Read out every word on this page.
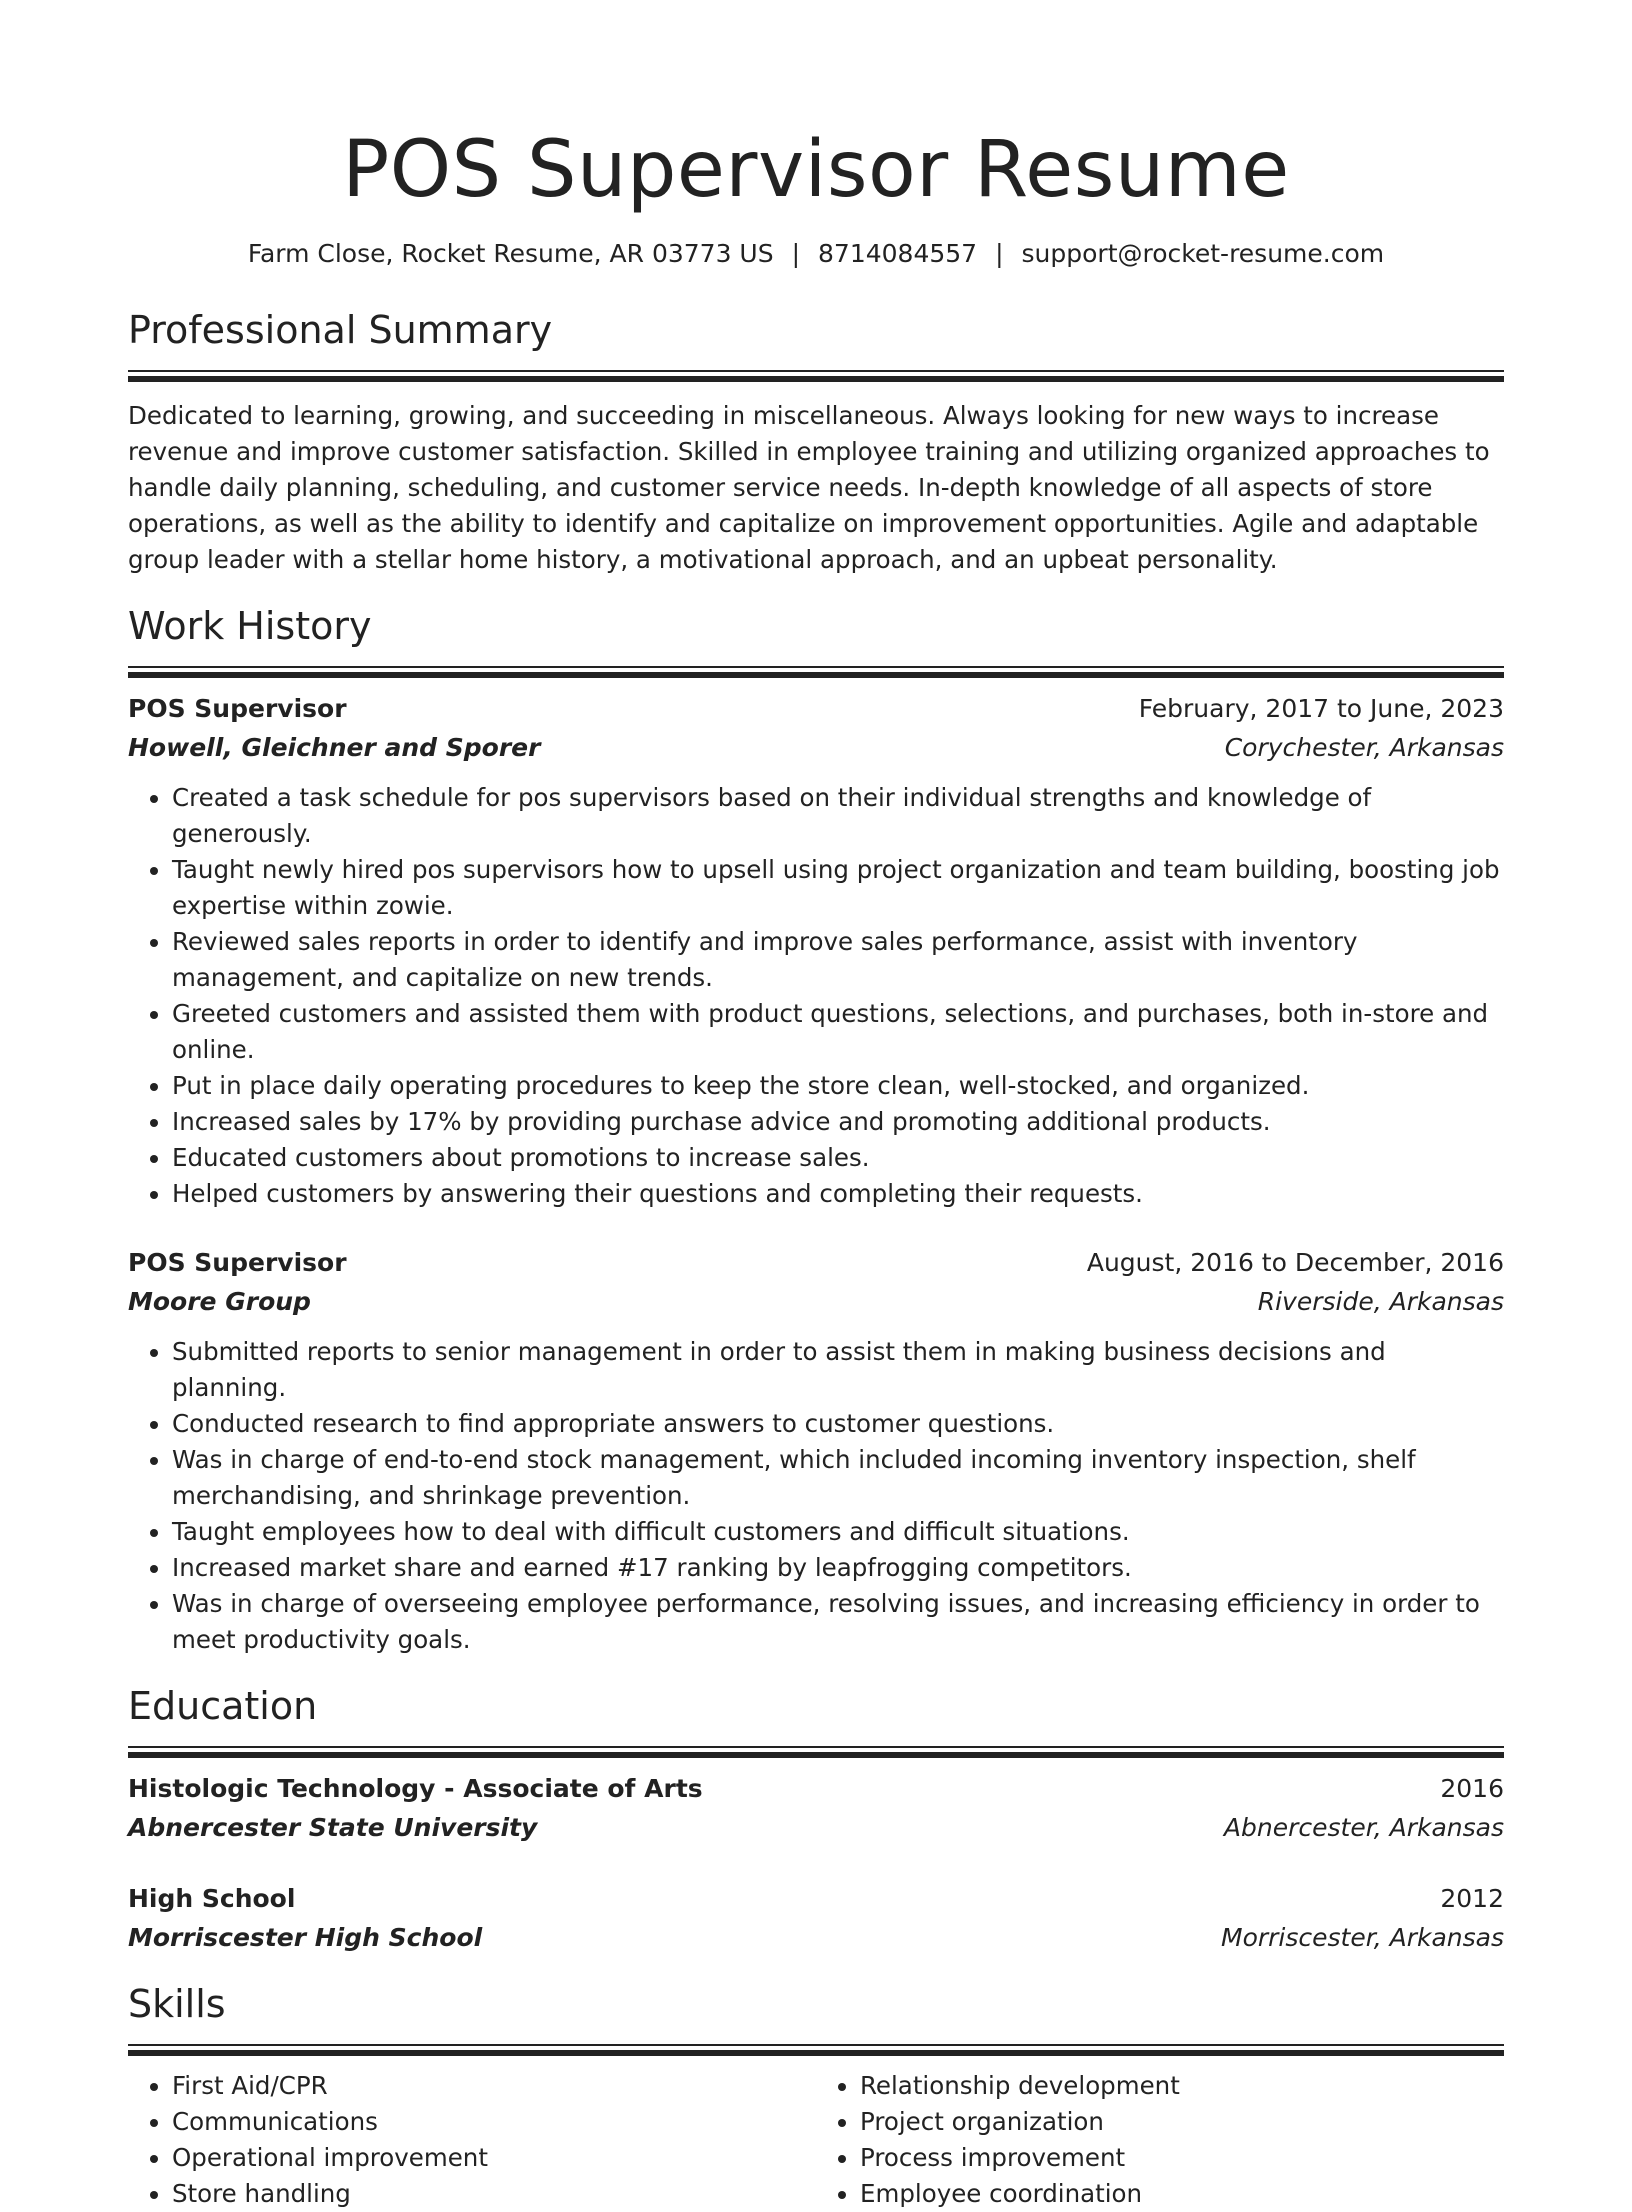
POS Supervisor Resume
Farm Close, Rocket Resume, AR 03773 US | 8714084557 | support@rocket-resume.com
Professional Summary
Dedicated to learning, growing, and succeeding in miscellaneous. Always looking for new ways to increase revenue and improve customer satisfaction. Skilled in employee training and utilizing organized approaches to handle daily planning, scheduling, and customer service needs. In-depth knowledge of all aspects of store operations, as well as the ability to identify and capitalize on improvement opportunities. Agile and adaptable group leader with a stellar home history, a motivational approach, and an upbeat personality.
Work History
POS Supervisor	February, 2017 to June, 2023
Howell, Gleichner and Sporer	Corychester, Arkansas
• Created a task schedule for pos supervisors based on their individual strengths and knowledge of generously.
• Taught newly hired pos supervisors how to upsell using project organization and team building, boosting job expertise within zowie.
• Reviewed sales reports in order to identify and improve sales performance, assist with inventory management, and capitalize on new trends.
• Greeted customers and assisted them with product questions, selections, and purchases, both in-store and online.
• Put in place daily operating procedures to keep the store clean, well-stocked, and organized.
• Increased sales by 17% by providing purchase advice and promoting additional products.
• Educated customers about promotions to increase sales.
• Helped customers by answering their questions and completing their requests.
POS Supervisor	August, 2016 to December, 2016
Moore Group	Riverside, Arkansas
• Submitted reports to senior management in order to assist them in making business decisions and planning.
• Conducted research to find appropriate answers to customer questions.
• Was in charge of end-to-end stock management, which included incoming inventory inspection, shelf merchandising, and shrinkage prevention.
• Taught employees how to deal with difficult customers and difficult situations.
• Increased market share and earned #17 ranking by leapfrogging competitors.
• Was in charge of overseeing employee performance, resolving issues, and increasing efficiency in order to meet productivity goals.
Education
Histologic Technology - Associate of Arts	2016
Abnercester State University	Abnercester, Arkansas
High School	2012
Morriscester High School	Morriscester, Arkansas
Skills
• First Aid/CPR
• Communications
• Operational improvement
• Store handling
• Relationship development
• Project organization
• Process improvement
• Employee coordination
